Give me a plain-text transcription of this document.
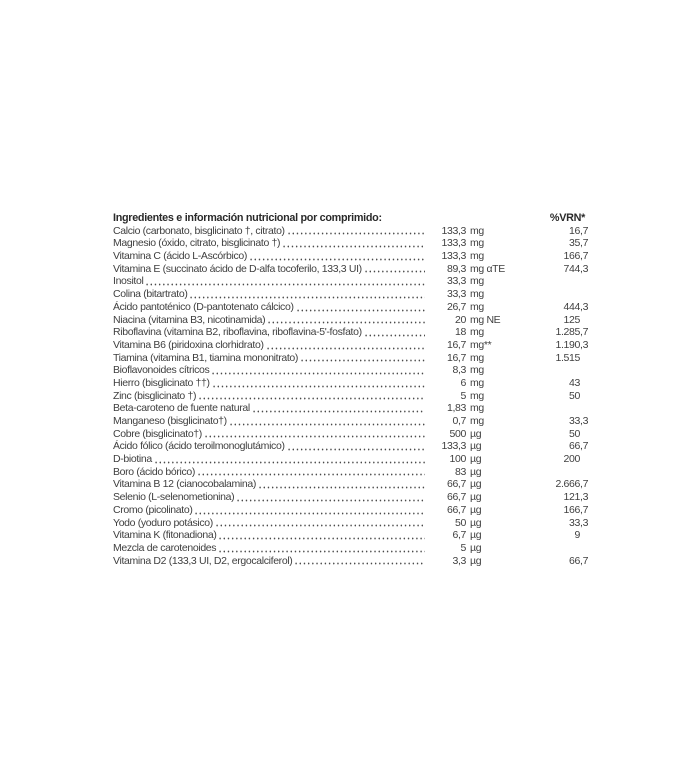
Ingredientes e información nutricional por comprimido:	%VRN*
Calcio (carbonato, bisglicinato †, citrato)	133,3 mg	16 ,7
Magnesio (óxido, citrato, bisglicinato †)	133,3 mg	35 ,7
Vitamina C (ácido L-Ascórbico)	133,3 mg	166 ,7
Vitamina E (succinato ácido de D-alfa tocoferilo, 133,3 UI)	89,3 mg αTE	744 ,3
Inositol	33,3 mg
Colina (bitartrato)	33,3 mg
Ácido pantoténico (D-pantotenato cálcico)	26,7 mg	444 ,3
Niacina (vitamina B3, nicotinamida)	20 mg NE	125
Riboflavina (vitamina B2, riboflavina, riboflavina-5'-fosfato)	18 mg	1.285 ,7
Vitamina B6 (piridoxina clorhidrato)	16,7 mg**	1.190 ,3
Tiamina (vitamina B1, tiamina mononitrato)	16,7 mg	1.515
Bioflavonoides cítricos	8,3 mg
Hierro (bisglicinato ††)	6 mg	43
Zinc (bisglicinato †)	5 mg	50
Beta-caroteno de fuente natural	1,83 mg
Manganeso (bisglicinato†)	0,7 mg	33 ,3
Cobre (bisglicinato†)	500 µg	50
Ácido fólico (ácido teroilmonoglutámico)	133,3 µg	66 ,7
D-biotina	100 µg	200
Boro (ácido bórico)	83 µg
Vitamina B 12 (cianocobalamina)	66,7 µg	2.666 ,7
Selenio (L-selenometionina)	66,7 µg	121 ,3
Cromo (picolinato)	66,7 µg	166 ,7
Yodo (yoduro potásico)	50 µg	33 ,3
Vitamina K (fitonadiona)	6,7 µg	9
Mezcla de carotenoides	5 µg
Vitamina D2 (133,3 UI, D2, ergocalciferol)	3,3 µg	66 ,7
